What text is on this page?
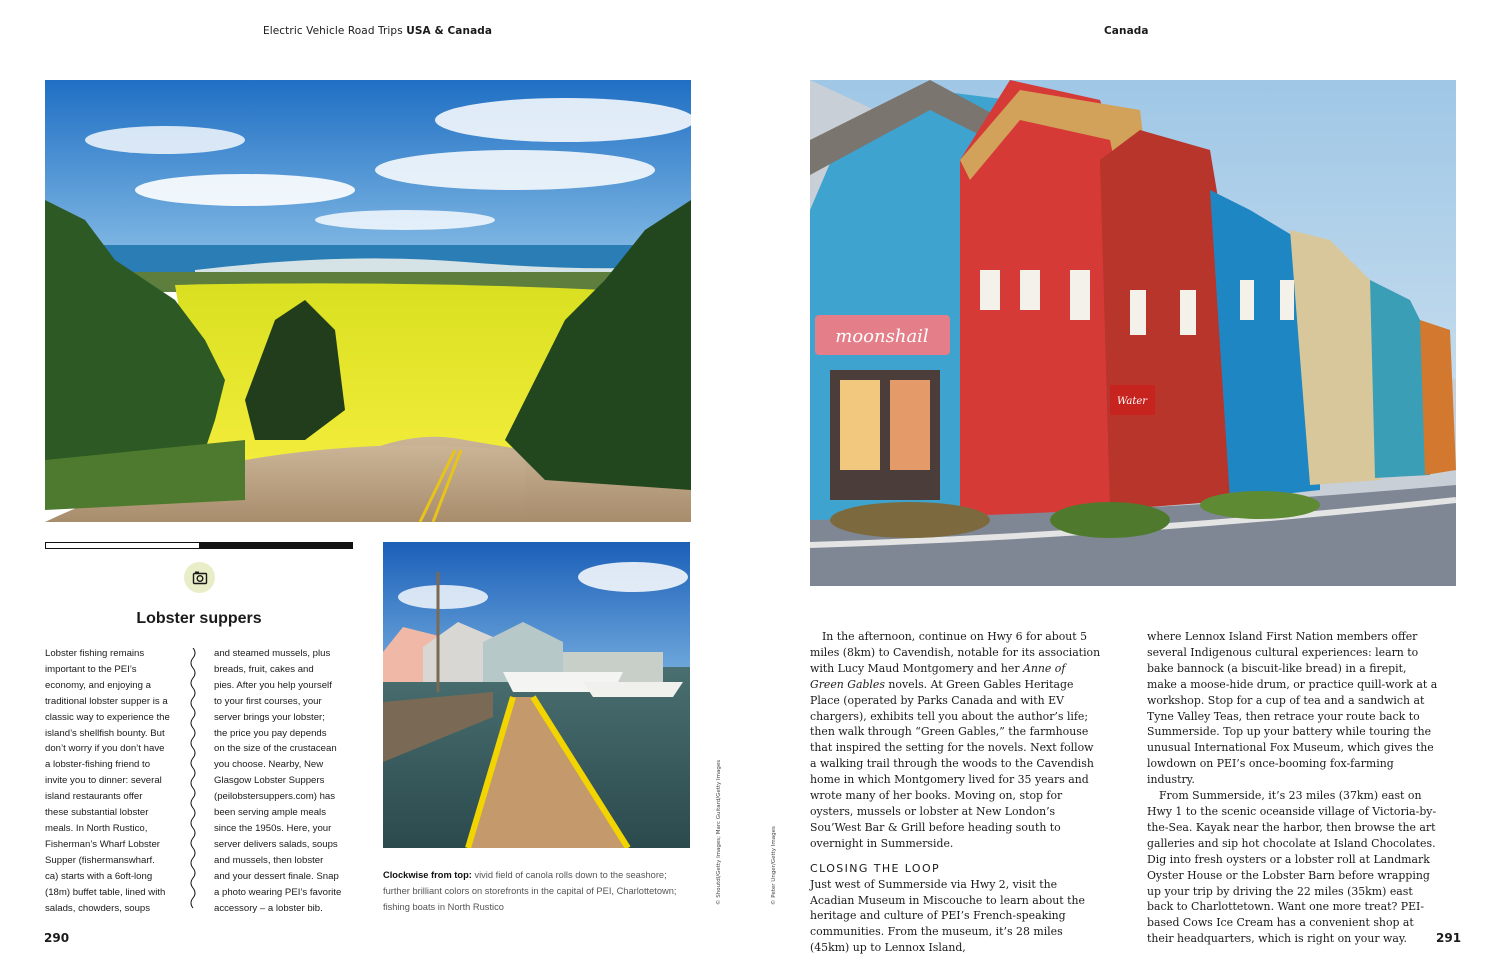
Electric Vehicle Road Trips USA & Canada	Canada
moonshail
Water
Lobster suppers
Lobster fishing remains
important to the PEI’s
economy, and enjoying a
traditional lobster supper is a
classic way to experience the
island’s shellfish bounty. But
don’t worry if you don’t have
a lobster-fishing friend to
invite you to dinner: several
island restaurants offer
these substantial lobster
meals. In North Rustico,
Fisherman’s Wharf Lobster
Supper (fishermanswharf.
ca) starts with a 6oft-long
(18m) buffet table, lined with
salads, chowders, soups
and steamed mussels, plus
breads, fruit, cakes and
pies. After you help yourself
to your first courses, your
server brings your lobster;
the price you pay depends
on the size of the crustacean
you choose. Nearby, New
Glasgow Lobster Suppers
(peilobstersuppers.com) has
been serving ample meals
since the 1950s. Here, your
server delivers salads, soups
and mussels, then lobster
and your dessert finale. Snap
a photo wearing PEI’s favorite
accessory – a lobster bib.
Clockwise from top: vivid field of canola rolls down to the seashore; further brilliant colors on storefronts in the capital of PEI, Charlottetown; fishing boats in North Rustico
© Shoutdl/Getty Images; Marc Guitard/Getty Images	© Peter Unger/Getty Images

In the afternoon, continue on Hwy 6 for about 5 miles (8km) to Cavendish, notable for its association with Lucy Maud Montgomery and her Anne of Green Gables novels. At Green Gables Heritage Place (operated by Parks Canada and with EV chargers), exhibits tell you about the author’s life; then walk through “Green Gables,” the farmhouse that inspired the setting for the novels. Next follow a walking trail through the woods to the Cavendish home in which Montgomery lived for 35 years and wrote many of her books. Moving on, stop for oysters, mussels or lobster at New London’s Sou’West Bar & Grill before heading south to overnight in Summerside.

CLOSING THE LOOP

Just west of Summerside via Hwy 2, visit the Acadian Museum in Miscouche to learn about the heritage and culture of PEI’s French-speaking communities. From the museum, it’s 28 miles (45km) up to Lennox Island,

where Lennox Island First Nation members offer several Indigenous cultural experiences: learn to bake bannock (a biscuit-like bread) in a firepit, make a moose-hide drum, or practice quill-work at a workshop. Stop for a cup of tea and a sandwich at Tyne Valley Teas, then retrace your route back to Summerside. Top up your battery while touring the unusual International Fox Museum, which gives the lowdown on PEI’s once-booming fox-farming industry.

From Summerside, it’s 23 miles (37km) east on Hwy 1 to the scenic oceanside village of Victoria-by-the-Sea. Kayak near the harbor, then browse the art galleries and sip hot chocolate at Island Chocolates. Dig into fresh oysters or a lobster roll at Landmark Oyster House or the Lobster Barn before wrapping up your trip by driving the 22 miles (35km) east back to Charlottetown. Want one more treat? PEI-based Cows Ice Cream has a convenient shop at their headquarters, which is right on your way.

290	291
